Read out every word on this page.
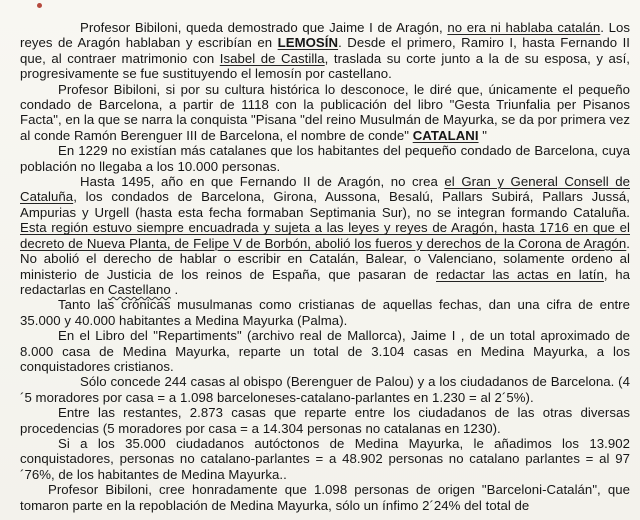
Profesor Bibiloni, queda demostrado que Jaime I de Aragón, no era ni hablaba catalán. Los reyes de Aragón hablaban y escribían en LEMOSÍN. Desde el primero, Ramiro I, hasta Fernando II que, al contraer matrimonio con Isabel de Castilla, traslada su corte junto a la de su esposa, y así, progresivamente se fue sustituyendo el lemosín por castellano.

Profesor Bibiloni, si por su cultura histórica lo desconoce, le diré que, únicamente el pequeño condado de Barcelona, a partir de 1118 con la publicación del libro "Gesta Triunfalia per Pisanos Facta", en la que se narra la conquista "Pisana "del reino Musulmán de Mayurka, se da por primera vez al conde Ramón Berenguer III de Barcelona, el nombre de conde" CATALANI "

En 1229 no existían más catalanes que los habitantes del pequeño condado de Barcelona, cuya población no llegaba a los 10.000 personas.

Hasta 1495, año en que Fernando II de Aragón, no crea el Gran y General Consell de Cataluña, los condados de Barcelona, Girona, Aussona, Besalú, Pallars Subirá, Pallars Jussá, Ampurias y Urgell (hasta esta fecha formaban Septimania Sur), no se integran formando Cataluña. Esta región estuvo siempre encuadrada y sujeta a las leyes y reyes de Aragón, hasta 1716 en que el decreto de Nueva Planta, de Felipe V de Borbón, abolió los fueros y derechos de la Corona de Aragón. No abolió el derecho de hablar o escribir en Catalán, Balear, o Valenciano, solamente ordeno al ministerio de Justicia de los reinos de España, que pasaran de redactar las actas en latín, ha redactarlas en Castellano .

Tanto las crónicas musulmanas como cristianas de aquellas fechas, dan una cifra de entre 35.000 y 40.000 habitantes a Medina Mayurka (Palma).

En el Libro del "Repartiments" (archivo real de Mallorca), Jaime I , de un total aproximado de 8.000 casa de Medina Mayurka, reparte un total de 3.104 casas en Medina Mayurka, a los conquistadores cristianos.

Sólo concede 244 casas al obispo (Berenguer de Palou) y a los ciudadanos de Barcelona. (4´5 moradores por casa = a 1.098 barceloneses-catalano-parlantes en 1.230 = al 2´5%).

Entre las restantes, 2.873 casas que reparte entre los ciudadanos de las otras diversas procedencias (5 moradores por casa = a 14.304 personas no catalanas en 1230).

Si a los 35.000 ciudadanos autóctonos de Medina Mayurka, le añadimos los 13.902 conquistadores, personas no catalano-parlantes = a 48.902 personas no catalano parlantes = al 97´76%, de los habitantes de Medina Mayurka..

Profesor Bibiloni, cree honradamente que 1.098 personas de origen "Barceloni-Catalán", que tomaron parte en la repoblación de Medina Mayurka, sólo un ínfimo 2´24% del total de
